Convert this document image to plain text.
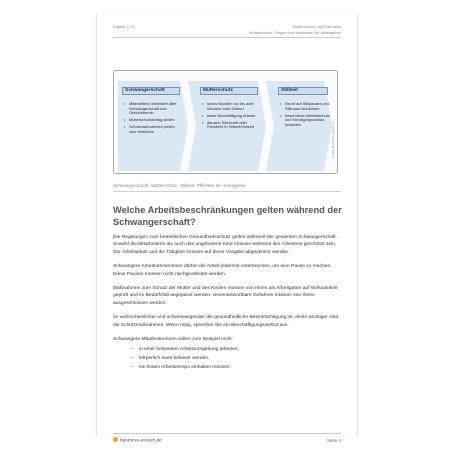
Kapitel 2.74	Mutterschutz und Elternzeit
Mutterschutz: Fragen und Antworten für Arbeitgeber
Schwangerschaft
• Mitarbeiterin informiert über Schwangerschaft und Geburtstermin
• Mutterschutzantrag stellen
• Schutzmaßnahmen prüfen oder einführen
Mutterschutz
• sechs Wochen vor bis acht Wochen nach Geburt
• keine Beschäftigung erlaubt
• danach: Elternzeit oder Rückkehr in Teilzeit/Vollzeit
Stillzeit
• Recht auf Stillpausen und Stillraum einräumen
• besonderen Arbeitsschutz und Kündigungsschutz beachten	Grafik: Business-Wissen.de
Schwangerschaft, Mutterschutz, Stillzeit: Pflichten für Arbeitgeber
Welche Arbeitsbeschränkungen gelten während der Schwangerschaft?

Die Regelungen zum betrieblichen Gesundheitsschutz gelten während der gesamten Schwangerschaft. Sowohl die Mitarbeiterin als auch das ungeborene Kind müssen während des Arbeitens geschützt sein. Der Arbeitsplatz und die Tätigkeit müssen auf diese Vorgabe abgestimmt werden.

Schwangere Arbeitnehmerinnen dürfen die Arbeit jederzeit unterbrechen, um eine Pause zu machen. Diese Pausen müssen nicht nachgearbeitet werden.

Maßnahmen zum Schutz der Mutter und des Kindes müssen von Ihnen als Arbeitgeber auf Wirksamkeit geprüft und im Bedarfsfall angepasst werden. Unverantwortbare Gefahren müssen von Ihnen ausgeschlossen werden.

Je wahrscheinlicher und schwerwiegender die gesundheitliche Beeinträchtigung ist, desto wichtiger sind die Schutzmaßnahmen. Wenn nötig, sprechen Sie ein Beschäftigungsverbot aus.

Schwangere Mitarbeiterinnen sollen zum Beispiel nicht:

– in einer belasteten Arbeitsumgebung arbeiten,
– körperlich stark belastet werden,
– ein festes Arbeitstempo einhalten müssen.
business-wissen.de	Seite 4
